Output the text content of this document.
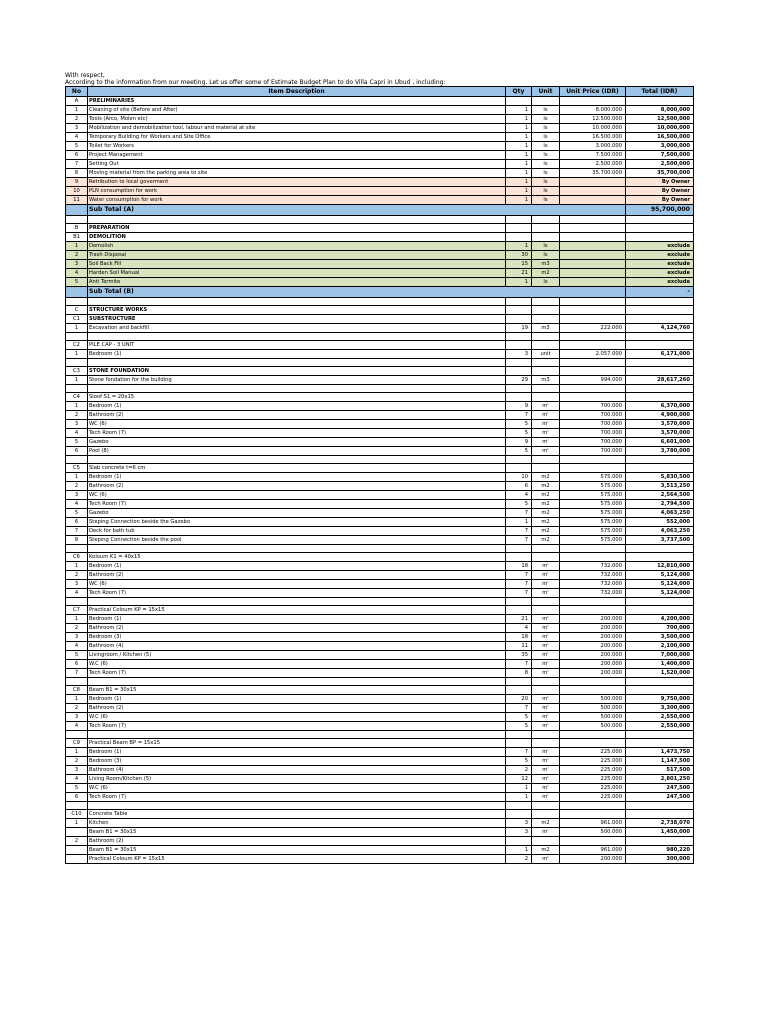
With respect,
According to the information from our meeting, Let us offer some of Estimate Budget Plan to do Villa Capri in Ubud , including:
No	Item Description	Qty	Unit	Unit Price (IDR)	Total (IDR)
A	PRELIMINARIES				
1	Cleaning of site (Before and After)	1	ls	8.000.000	8,000,000
2	Tools (Arco, Molen etc)	1	ls	12.500.000	12,500,000
3	Mobilization and demobilization tool, labour and material at site	1	ls	10.000.000	10,000,000
4	Temporary Building for Workers and Site Office	1	ls	16.500.000	16,500,000
5	Toilet for Workers	1	ls	3.000.000	3,000,000
6	Project Management	1	ls	7.500.000	7,500,000
7	Setting Out	1	ls	2.500.000	2,500,000
8	Moving material from the parking area to site	1	ls	35.700.000	35,700,000
9	Retribution to local goverment	1	ls		By Owner
10	PLN consumption for work	1	ls		By Owner
11	Water consumption for work	1	ls		By Owner
	Sub Total (A)				95,700,000

B	PREPARATION				
B1	DEMOLITION				
1	Demolish	1	ls		exclude
2	Trash Disposal	30	ls		exclude
3	Soil Back Fill	15	m3		exclude
4	Harden Soil Manual	21	m2		exclude
5	Anti Termite	1	ls		exclude
	Sub Total (B)				-

C	STRUCTURE WORKS				
C1	SUBSTRUCTURE				
1	Excavation and backfill	19	m3	222.000	4,124,760

C2	PILE CAP - 3 UNIT				
1	Bedroom (1)	3	unit	2.057.000	6,171,000

C3	STONE FOUNDATION				
1	Stone fondation for the building	29	m3	994.000	28,617,260

C4	Sloof S1 = 20x15				
1	Bedroom (1)	9	m'	700.000	6,370,000
2	Bathroom (2)	7	m'	700.000	4,900,000
3	WC (6)	5	m'	700.000	3,570,000
4	Tech Room (7)	5	m'	700.000	3,570,000
5	Gazebo	9	m'	700.000	6,601,000
6	Pool (8)	5	m'	700.000	3,780,000

C5	Slab concrete t=6 cm				
1	Bedroom (1)	10	m2	575.000	5,830,500
2	Bathroom (2)	6	m2	575.000	3,513,250
3	WC (6)	4	m2	575.000	2,564,500
4	Tech Room (7)	5	m2	575.000	2,794,500
5	Gazebo	7	m2	575.000	4,063,250
6	Steping Connection beside the Gazebo	1	m2	575.000	552,000
7	Deck for bath tub	7	m2	575.000	4,063,250
8	Steping Connection beside the pool	7	m2	575.000	3,737,500

C6	Koloum K1 = 40x15				
1	Bedroom (1)	18	m'	732.000	12,810,000
2	Bathroom (2)	7	m'	732.000	5,124,000
3	WC (6)	7	m'	732.000	5,124,000
4	Tech Room (7)	7	m'	732.000	5,124,000

C7	Practical Coloum KP = 15x15				
1	Bedroom (1)	21	m'	200.000	4,200,000
2	Bathroom (2)	4	m'	200.000	700,000
3	Bedroom (3)	18	m'	200.000	3,500,000
4	Bathroom (4)	11	m'	200.000	2,100,000
5	Livingroom / Kitchen (5)	35	m'	200.000	7,000,000
6	W.C (6)	7	m'	200.000	1,400,000
7	Tech Room (7)	8	m'	200.000	1,520,000

C8	Beam B1 = 30x15				
1	Bedroom (1)	20	m'	500.000	9,750,000
2	Bathroom (2)	7	m'	500.000	3,300,000
3	W.C (6)	5	m'	500.000	2,550,000
4	Tech Room (7)	5	m'	500.000	2,550,000

C9	Practical Beam BP = 15x15				
1	Bedroom (1)	7	m'	225.000	1,473,750
2	Bedroom (3)	5	m'	225.000	1,147,500
3	Bathroom (4)	2	m'	225.000	517,500
4	Living Room/Kitchen (5)	12	m'	225.000	2,801,250
5	W.C (6)	1	m'	225.000	247,500
6	Tech Room (7)	1	m'	225.000	247,500

C10	Concrete Table				
1	Kitchen	3	m2	961.000	2,738,070
	Beam B1 = 30x15	3	m'	500.000	1,450,000
2	Bathroom (2)				
	Beam B1 = 30x15	1	m2	961.000	980,220
	Practical Coloum KP = 15x15	2	m'	200.000	300,000
